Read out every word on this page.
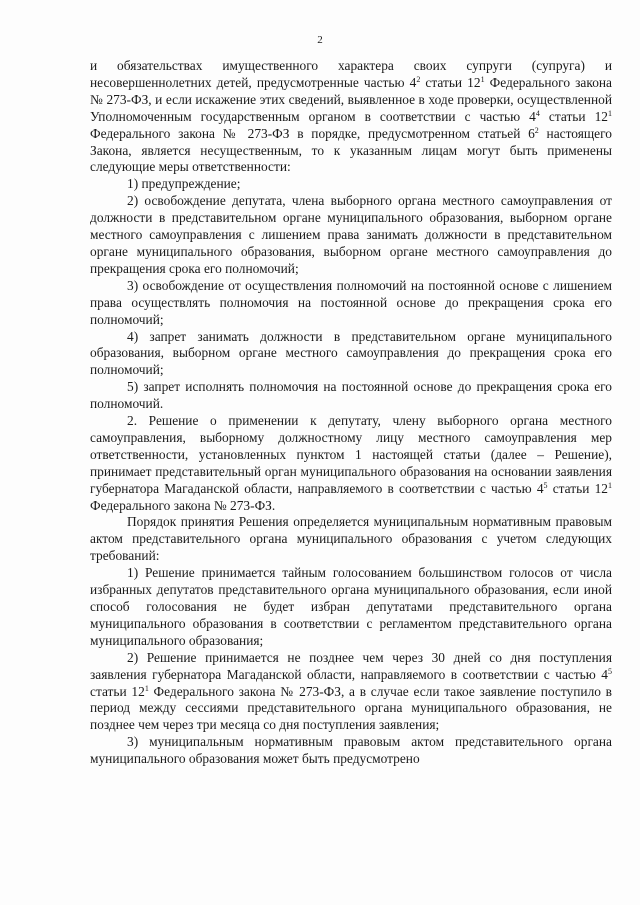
2

и обязательствах имущественного характера своих супруги (супруга) и несовершеннолетних детей, предусмотренные частью $4^2$ статьи $12^1$ Федерального закона № 273-ФЗ, и если искажение этих сведений, выявленное в ходе проверки, осуществленной Уполномоченным государственным органом в соответствии с частью $4^4$ статьи $12^1$ Федерального закона № 273-ФЗ в порядке, предусмотренном статьей $6^2$ настоящего Закона, является несущественным, то к указанным лицам могут быть применены следующие меры ответственности:

1) предупреждение;

2) освобождение депутата, члена выборного органа местного самоуправления от должности в представительном органе муниципального образования, выборном органе местного самоуправления с лишением права занимать должности в представительном органе муниципального образования, выборном органе местного самоуправления до прекращения срока его полномочий;

3) освобождение от осуществления полномочий на постоянной основе с лишением права осуществлять полномочия на постоянной основе до прекращения срока его полномочий;

4) запрет занимать должности в представительном органе муниципального образования, выборном органе местного самоуправления до прекращения срока его полномочий;

5) запрет исполнять полномочия на постоянной основе до прекращения срока его полномочий.

2. Решение о применении к депутату, члену выборного органа местного самоуправления, выборному должностному лицу местного самоуправления мер ответственности, установленных пунктом 1 настоящей статьи (далее – Решение), принимает представительный орган муниципального образования на основании заявления губернатора Магаданской области, направляемого в соответствии с частью $4^5$ статьи $12^1$ Федерального закона № 273-ФЗ.

Порядок принятия Решения определяется муниципальным нормативным правовым актом представительного органа муниципального образования с учетом следующих требований:

1) Решение принимается тайным голосованием большинством голосов от числа избранных депутатов представительного органа муниципального образования, если иной способ голосования не будет избран депутатами представительного органа муниципального образования в соответствии с регламентом представительного органа муниципального образования;

2) Решение принимается не позднее чем через 30 дней со дня поступления заявления губернатора Магаданской области, направляемого в соответствии с частью $4^5$ статьи $12^1$ Федерального закона № 273-ФЗ, а в случае если такое заявление поступило в период между сессиями представительного органа муниципального образования, не позднее чем через три месяца со дня поступления заявления;

3) муниципальным нормативным правовым актом представительного органа муниципального образования может быть предусмотрено
